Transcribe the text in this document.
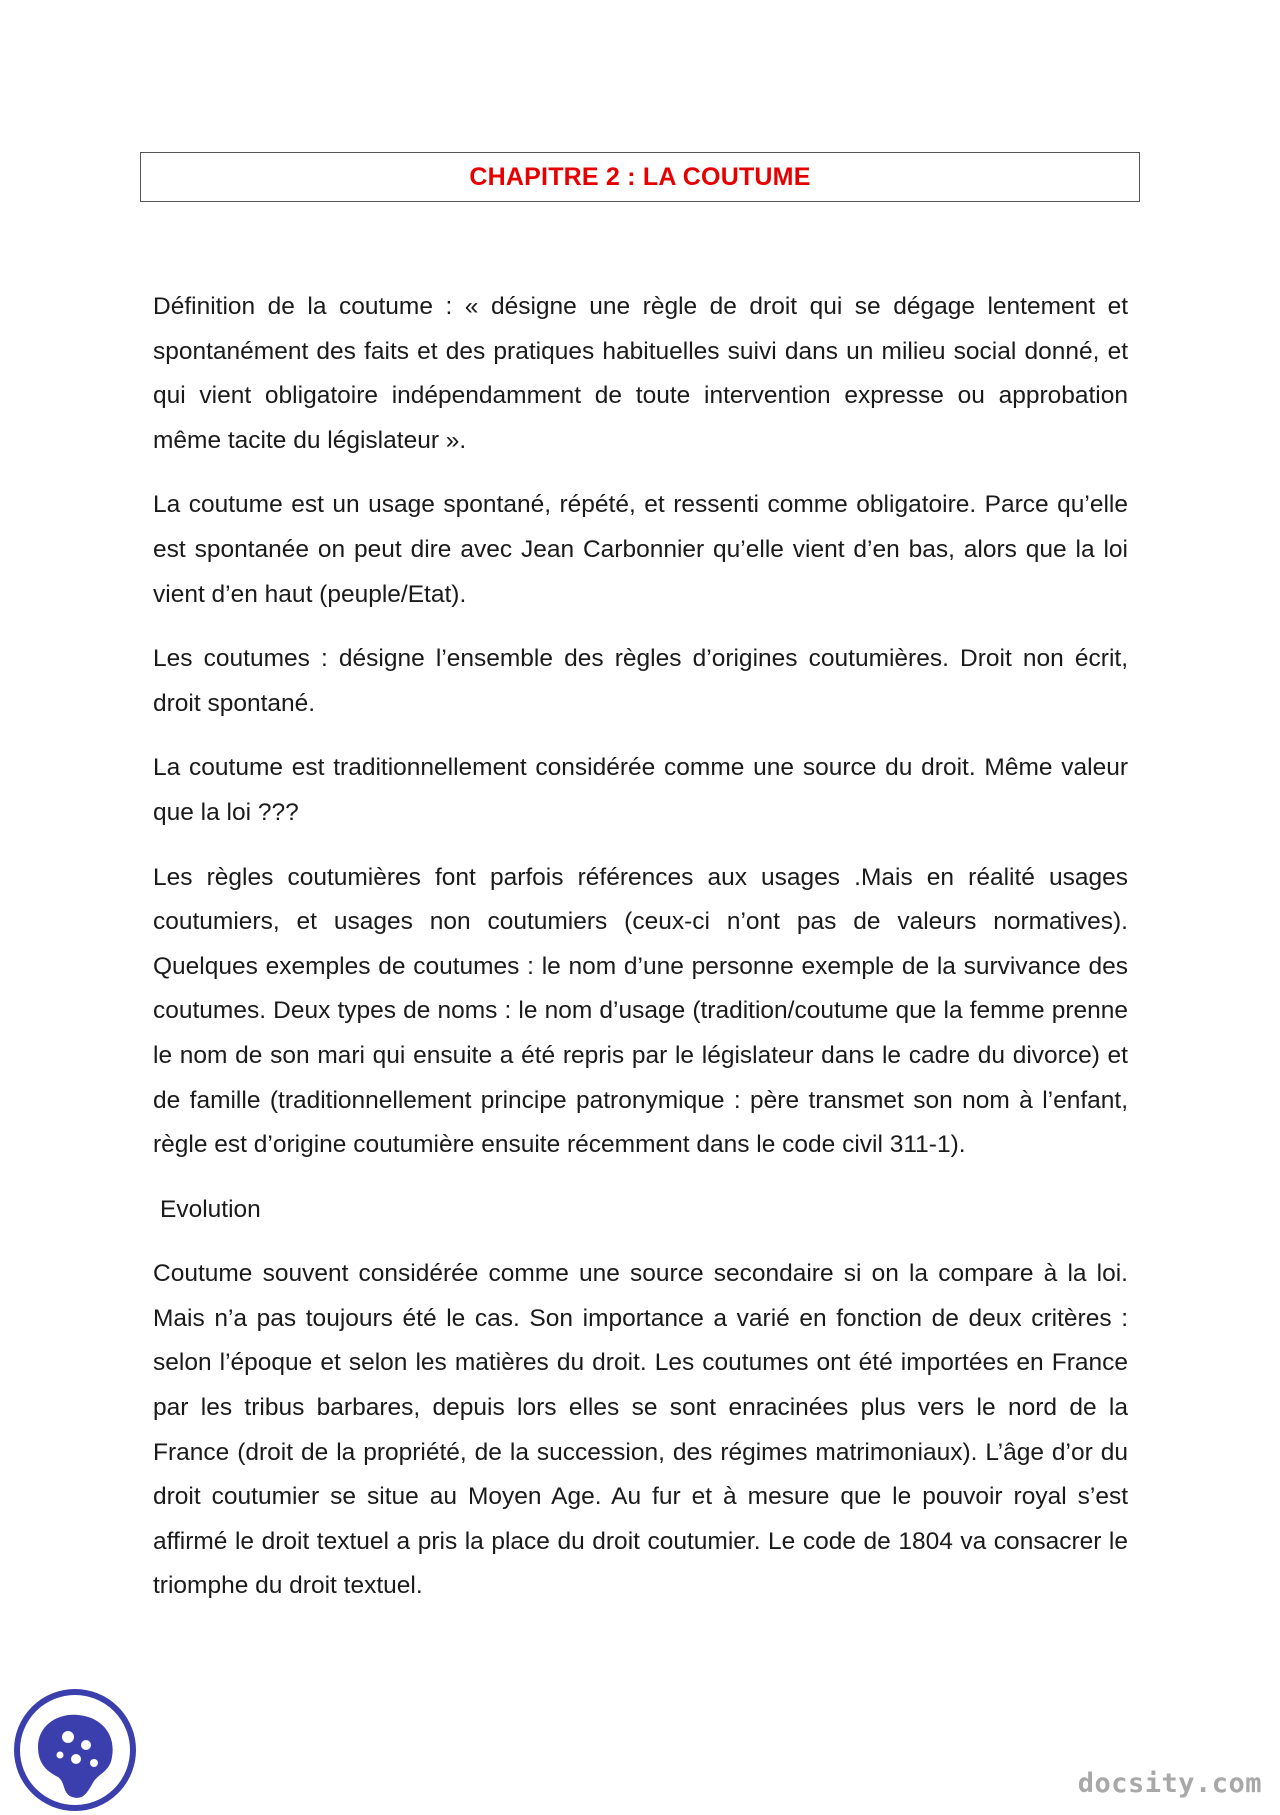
CHAPITRE 2 : LA COUTUME

Définition de la coutume : « désigne une règle de droit qui se dégage lentement et spontanément des faits et des pratiques habituelles suivi dans un milieu social donné, et qui vient obligatoire indépendamment de toute intervention expresse ou approbation même tacite du législateur ».

La coutume est un usage spontané, répété, et ressenti comme obligatoire. Parce qu’elle est spontanée on peut dire avec Jean Carbonnier qu’elle vient d’en bas, alors que la loi vient d’en haut (peuple/Etat).

Les coutumes : désigne l’ensemble des règles d’origines coutumières. Droit non écrit, droit spontané.

La coutume est traditionnellement considérée comme une source du droit. Même valeur que la loi ???

Les règles coutumières font parfois références aux usages .Mais en réalité usages coutumiers, et usages non coutumiers (ceux-ci n’ont pas de valeurs normatives). Quelques exemples de coutumes : le nom d’une personne exemple de la survivance des coutumes. Deux types de noms : le nom d’usage (tradition/coutume que la femme prenne le nom de son mari qui ensuite a été repris par le législateur dans le cadre du divorce) et de famille (traditionnellement principe patronymique : père transmet son nom à l’enfant, règle est d’origine coutumière ensuite récemment dans le code civil 311-1).

Evolution

Coutume souvent considérée comme une source secondaire si on la compare à la loi. Mais n’a pas toujours été le cas. Son importance a varié en fonction de deux critères : selon l’époque et selon les matières du droit. Les coutumes ont été importées en France par les tribus barbares, depuis lors elles se sont enracinées plus vers le nord de la France (droit de la propriété, de la succession, des régimes matrimoniaux). L’âge d’or du droit coutumier se situe au Moyen Age. Au fur et à mesure que le pouvoir royal s’est affirmé le droit textuel a pris la place du droit coutumier. Le code de 1804 va consacrer le triomphe du droit textuel.

docsity.com
